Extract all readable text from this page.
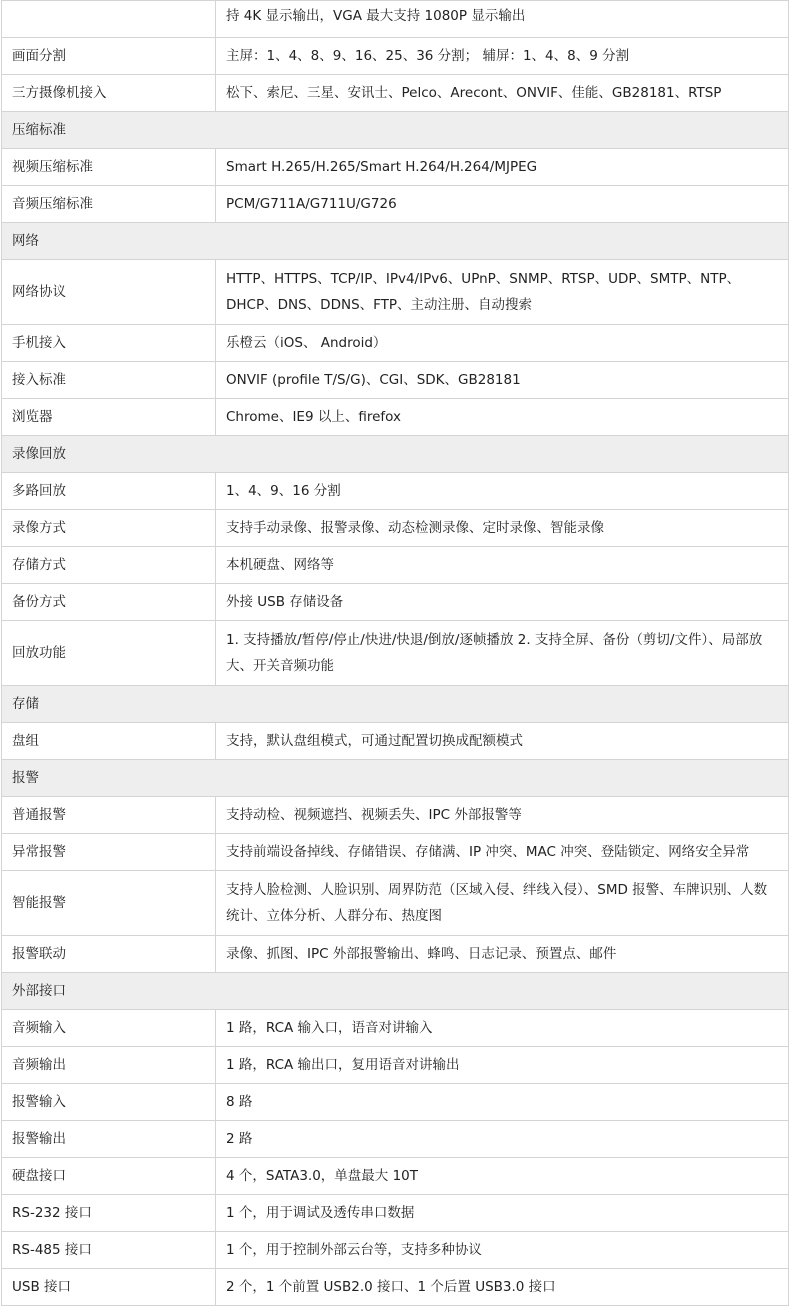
	持 4K 显示输出，VGA 最大支持 1080P 显示输出
画面分割	主屏：1、4、8、9、16、25、36 分割； 辅屏：1、4、8、9 分割
三方摄像机接入	松下、索尼、三星、安讯士、Pelco、Arecont、ONVIF、佳能、GB28181、RTSP
压缩标准	
视频压缩标准	Smart H.265/H.265/Smart H.264/H.264/MJPEG
音频压缩标准	PCM/G711A/G711U/G726
网络	
网络协议	HTTP、HTTPS、TCP/IP、IPv4/IPv6、UPnP、SNMP、RTSP、UDP、SMTP、NTP、 DHCP、DNS、DDNS、FTP、主动注册、自动搜索
手机接入	乐橙云（iOS、 Android）
接入标准	ONVIF (profile T/S/G)、CGI、SDK、GB28181
浏览器	Chrome、IE9 以上、firefox
录像回放	
多路回放	1、4、9、16 分割
录像方式	支持手动录像、报警录像、动态检测录像、定时录像、智能录像
存储方式	本机硬盘、网络等
备份方式	外接 USB 存储设备
回放功能	1. 支持播放/暂停/停止/快进/快退/倒放/逐帧播放 2. 支持全屏、备份（剪切/文件）、局部放大、开关音频功能
存储	
盘组	支持，默认盘组模式，可通过配置切换成配额模式
报警	
普通报警	支持动检、视频遮挡、视频丢失、IPC 外部报警等
异常报警	支持前端设备掉线、存储错误、存储满、IP 冲突、MAC 冲突、登陆锁定、网络安全异常
智能报警	支持人脸检测、人脸识别、周界防范（区域入侵、绊线入侵）、SMD 报警、车牌识别、人数统计、立体分析、人群分布、热度图
报警联动	录像、抓图、IPC 外部报警输出、蜂鸣、日志记录、预置点、邮件
外部接口	
音频输入	1 路，RCA 输入口，语音对讲输入
音频输出	1 路，RCA 输出口，复用语音对讲输出
报警输入	8 路
报警输出	2 路
硬盘接口	4 个，SATA3.0，单盘最大 10T
RS-232 接口	1 个，用于调试及透传串口数据
RS-485 接口	1 个，用于控制外部云台等，支持多种协议
USB 接口	2 个，1 个前置 USB2.0 接口、1 个后置 USB3.0 接口
